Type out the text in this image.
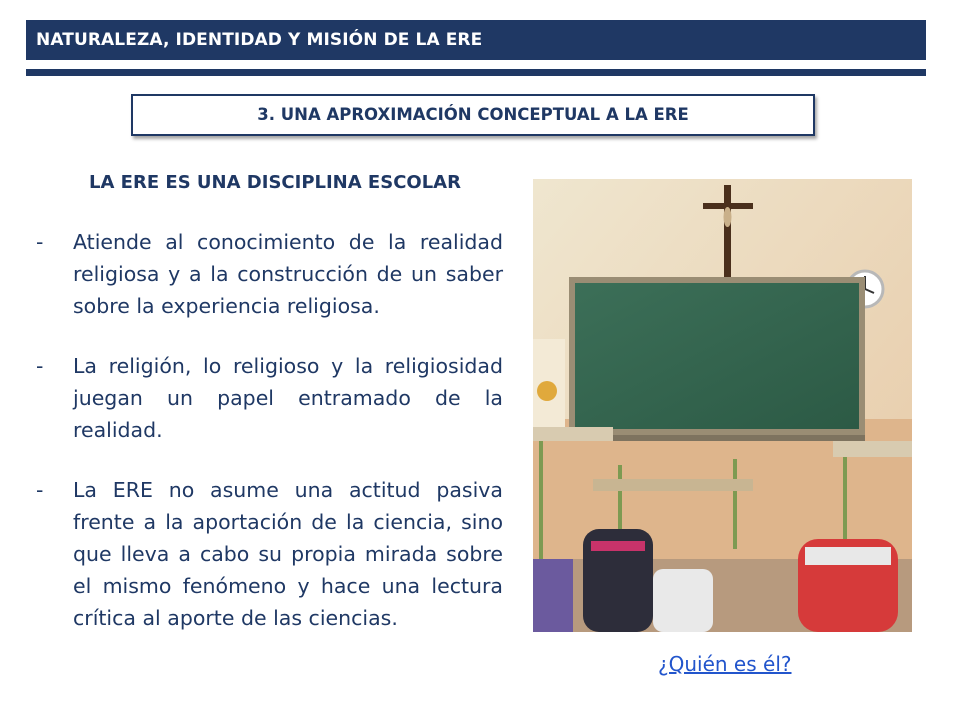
NATURALEZA, IDENTIDAD Y MISIÓN DE LA ERE
3. UNA APROXIMACIÓN CONCEPTUAL A LA ERE
LA ERE ES UNA DISCIPLINA ESCOLAR
- Atiende al conocimiento de la realidad religiosa y a la construcción de un saber sobre la experiencia religiosa.
- La religión, lo religioso y la religiosidad juegan un papel entramado de la realidad.
- La ERE no asume una actitud pasiva frente a la aportación de la ciencia, sino que lleva a cabo su propia mirada sobre el mismo fenómeno y hace una lectura crítica al aporte de las ciencias.
¿Quién es él?
